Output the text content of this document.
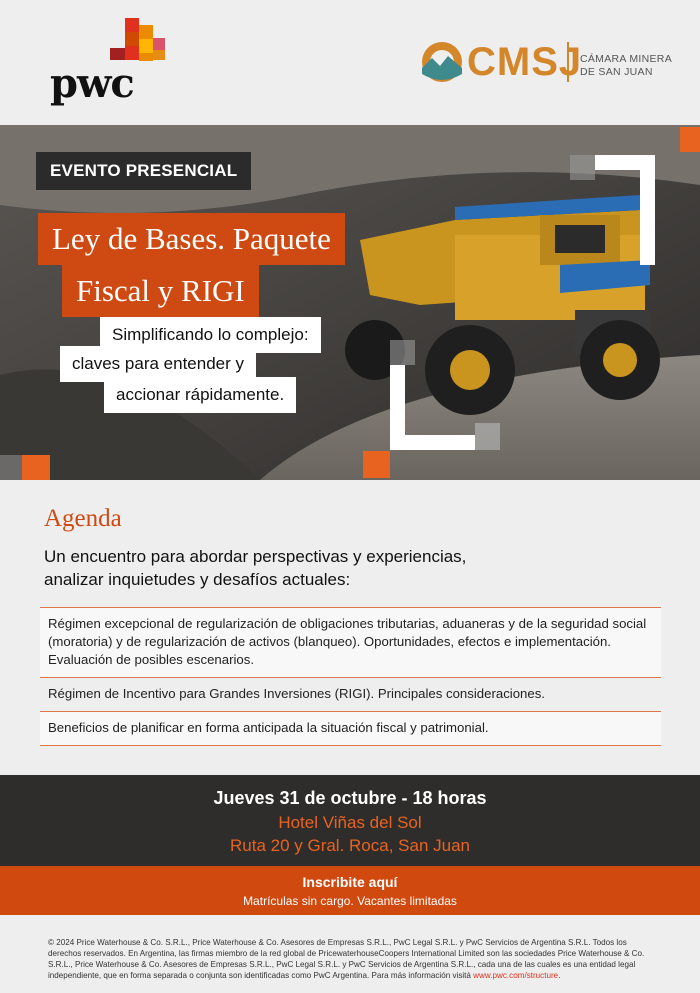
pwc	CMSJ
CÁMARA MINERA
DE SAN JUAN
EVENTO PRESENCIAL
Ley de Bases. Paquete
Fiscal y RIGI
Simplificando lo complejo:
claves para entender y
accionar rápidamente.
Agenda
Un encuentro para abordar perspectivas y experiencias,
analizar inquietudes y desafíos actuales:
Régimen excepcional de regularización de obligaciones tributarias, aduaneras y de la seguridad social (moratoria) y de regularización de activos (blanqueo). Oportunidades, efectos e implementación. Evaluación de posibles escenarios.
Régimen de Incentivo para Grandes Inversiones (RIGI). Principales consideraciones.
Beneficios de planificar en forma anticipada la situación fiscal y patrimonial.
Jueves 31 de octubre - 18 horas
Hotel Viñas del Sol
Ruta 20 y Gral. Roca, San Juan
Inscribite aquí
Matrículas sin cargo. Vacantes limitadas
© 2024 Price Waterhouse & Co. S.R.L., Price Waterhouse & Co. Asesores de Empresas S.R.L., PwC Legal S.R.L. y PwC Servicios de Argentina S.R.L. Todos los derechos reservados. En Argentina, las firmas miembro de la red global de PricewaterhouseCoopers International Limited son las sociedades Price Waterhouse & Co. S.R.L., Price Waterhouse & Co. Asesores de Empresas S.R.L., PwC Legal S.R.L. y PwC Servicios de Argentina S.R.L., cada una de las cuales es una entidad legal independiente, que en forma separada o conjunta son identificadas como PwC Argentina. Para más información visitá www.pwc.com/structure.
